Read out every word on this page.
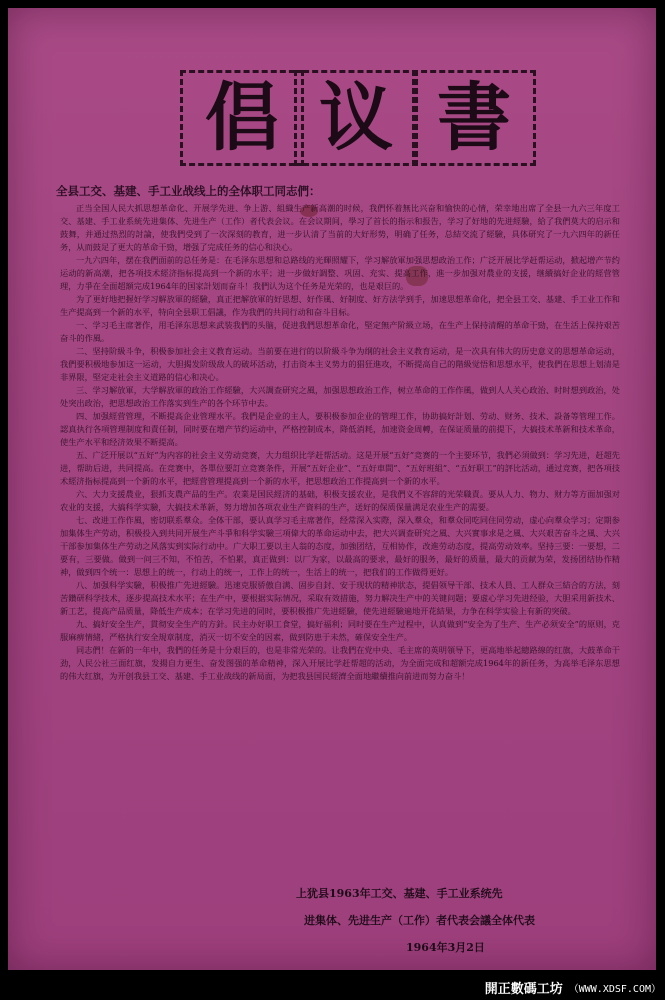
倡 议 書
全县工交、基建、手工业战线上的全体职工同志們：

正当全国人民大抓思想革命化、开展学先进、争上游、組織生产新高潮的时候，我們怀着無比兴奋和愉快的心情，荣幸地出席了全县一九六三年度工交、基建、手工业系統先进集体、先进生产（工作）者代表会议。在会议期间，學习了首长的指示和报告，学习了好地的先进經驗，給了我們莫大的启示和鼓舞，并通过热烈的討論，使我們受到了一次深刻的教育，进一步认清了当前的大好形势，明确了任务，总結交流了經驗，具体研究了一九六四年的新任务，从而鼓足了更大的革命干勁，增强了完成任务的信心和決心。

一九六四年，摆在我們面前的总任务是：在毛泽东思想和总路线的光輝照耀下，学习解放軍加强思想政治工作；广泛开展比学赶帮运动，掀起增产节约运动的新高潮，把各項技术經济指标提高到一个新的水平；进一步做好調整、巩固、充实、提高工作，進一步加强对農业的支援，继續搞好企业的經营管理，力爭在全面超額完成1964年的国家計划而奋斗！我們认为这个任务是光荣的，也是艰巨的。

为了更好地把握好学习解放軍的經驗，真正把解放軍的好思想、好作風、好制度、好方法学到手，加速思想革命化，把全县工交、基建、手工业工作和生产提高到一个新的水平，特向全县职工倡議，作为我們的共同行动和奋斗目标。

一、学习毛主席著作，用毛泽东思想来武装我們的头脑，促进我們思想革命化，堅定無产阶級立场，在生产上保持清醒的革命干勁，在生活上保持艰苦奋斗的作風。

二、坚持阶級斗争，积极参加社会主义教育运动。当前要在进行的以阶級斗争为纲的社会主义教育运动，是一次具有伟大的历史意义的思想革命运动，我們要积极地参加这一运动，大胆揭发阶级敌人的破坏活动，打击资本主义势力的猖狂進攻，不断提高自己的階級觉悟和思想水平，使我們在思想上划清是非界限，堅定走社会主义道路的信心和决心。

三、学习解放軍，大学解放軍的政治工作經驗，大兴調查研究之風，加强思想政治工作，树立革命的工作作風，做到人人关心政治、时时想到政治，处处突出政治，把思想政治工作落实到生产的各个环节中去。

四、加强經营管理，不断提高企业管理水平。我們是企业的主人，要积极参加企业的管理工作，协助搞好計划、劳动、财务、技术、設备等管理工作。認真执行各項管理制度和責任制，同时要在增产节约运动中，严格控制成本，降低消耗，加速资金周轉，在保证质量的前提下，大搞技术革新和技术革命，使生产水平和经济效果不断提高。

五、广泛开展以“五好”为内容的社会主义劳动竞赛，大力组织比学赶帮活动。这是开展“五好”竞赛的一个主要环节，我們必須做到：学习先进，赶超先进，帮助后进，共同提高。在竞赛中，各單位要訂立竞赛条件，开展“五好企业”、“五好車間”、“五好班組”、“五好职工”的評比活动，通过竞赛，把各項技术經济指标提高到一个新的水平，把經营管理提高到一个新的水平，把思想政治工作提高到一个新的水平。

六、大力支援農业，狠抓支農产品的生产。农業是国民經济的基础，积极支援农业，是我們义不容辞的光荣職責。要从人力、物力、财力等方面加强对农业的支援，大搞科学实驗，大搞技术革新，努力增加各项农业生产資料的生产，送好的保质保量满足农业生产的需要。

七、改进工作作風，密切联系羣众。全体干部，要认真学习毛主席著作，经常深入实際，深入羣众，和羣众同吃同住同劳动，虚心向羣众学习；定期参加集体生产劳动，积极投入到共同开展生产斗爭和科学实驗三項偉大的革命运动中去，把大兴调查研究之風、大兴實事求是之風、大兴艰苦奋斗之風、大兴干部参加集体生产劳动之风落实到实际行动中。广大职工要以主人翁的态度，加強团结，互相协作，改進劳动态度，提高劳动效率。坚持三要：一要想，二要有，三要做。做到一问三不知，不怕苦，不怕累，真正做到：以厂为家，以最高的要求，最好的服务，最好的质量，最大的贡献为荣，发扬团结协作精神，做到四个统一：思想上的统一，行动上的统一，工作上的统一，生活上的统一，把我们的工作做得更好。

八、加强科学实驗，积极推广先进經驗。迅速克服骄傲自满、固步自封、安于现状的精神狀态，提倡领导干部、技术人員、工人群众三結合的方法，刻苦鑽研科学技术，逐步提高技术水平；在生产中，要根据实际情况，采取有效措施，努力解决生产中的关键问题；要虚心学习先进经验，大胆采用新技术、新工艺，提高产品质量，降低生产成本；在学习先进的同时，要积极推广先进經驗，使先进經驗遍地开花結果，力争在科学实验上有新的突破。

九、搞好安全生产，貫彻安全生产的方針。民主办好职工食堂，搞好福利；同时要在生产过程中，认真做到“安全为了生产、生产必须安全”的原则，克服麻痹情緒，严格执行安全規章制度，消灭一切不安全的因素，做到防患于未然，確保安全生产。

同志們！在新的一年中，我們的任务是十分艰巨的，也是非常光荣的。让我們在党中央、毛主席的英明領导下，更高地举起總路線的红旗，大鼓革命干劲，人民公社三面红旗，发揚自力更生、奋发图强的革命精神，深入开展比学赶帮超的活动，为全面完成和超额完成1964年的新任务，为高举毛泽东思想的伟大红旗，为开创我县工交、基建、手工业战线的新局面，为把我县国民經濟全面地繼續推向前进而努力奋斗！

上犹县1963年工交、基建、手工业系统先
进集体、先进生产（工作）者代表会議全体代表
1964年3月2日
開正數碼工坊 （WWW.XDSF.COM）
